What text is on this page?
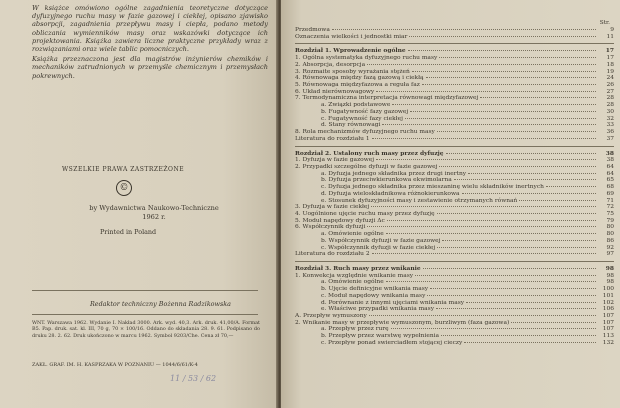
W książce omówiono ogólne zagadnienia teoretyczne dotyczące dyfuzyjnego ruchu masy w fazie gazowej i ciekłej, opisano zjawisko absorpcji, zagadnienia przepływu masy i ciepła, podano metody obliczania wymienników masy oraz wskazówki dotyczące ich projektowania. Książka zawiera liczne praktyczne przykłady wraz z rozwiązaniami oraz wiele tablic pomocniczych.

Książka przeznaczona jest dla magistrów inżynierów chemików i mechaników zatrudnionych w przemyśle chemicznym i przemysłach pokrewnych.

WSZELKIE PRAWA ZASTRZEŻONE
©
by Wydawnictwa Naukowo-Techniczne
1962 r.
Printed in Poland
Redaktor techniczny Bożenna Radzikowska
WNT. Warszawa 1962. Wydanie I. Nakład 3000. Ark. wyd. 40,3. Ark. druk. 41,00/A. Format B5. Pap. druk. sat. kl. III, 70 g, 70 × 100/16. Oddano do składania 28. 9. 61. Podpisano do druku 28. 2. 62. Druk ukończono w marcu 1962. Symbol 9203/Che. Cena zł 70,—
ZAKŁ. GRAF. IM. H. KASPRZAKA W POZNANIU — 1044/6/61/K-4
11 / 53 / 62
Str.
Przedmowa	9
Oznaczenia wielkości i jednostki miar	11
Rozdział 1. Wprowadzenie ogólne	17
1. Ogólna systematyka dyfuzyjnego ruchu masy	17
2. Absorpcja, desorpcja	18
3. Rozmaite sposoby wyrażania stężeń	19
4. Równowaga między fazą gazową i ciekłą	24
5. Równowaga międzyfazowa a reguła faz	26
6. Układ nierównowagowy	27
7. Termodynamiczna interpretacja równowagi międzyfazowej	28
a. Związki podstawowe	28
b. Fugatywność fazy gazowej	30
c. Fugatywność fazy ciekłej	32
d. Stany równowagi	33
8. Rola mechanizmów dyfuzyjnego ruchu masy	36
Literatura do rozdziału 1	37
Rozdział 2. Ustalony ruch masy przez dyfuzję	38
1. Dyfuzja w fazie gazowej	38
2. Przypadki szczególne dyfuzji w fazie gazowej	64
a. Dyfuzja jednego składnika przez drugi inertny	64
b. Dyfuzja przeciwkierunkowa ekwimolarna	65
c. Dyfuzja jednego składnika przez mieszaninę wielu składników inertnych	68
d. Dyfuzja wieloskładnikowa różnokierunkowa	69
e. Stosunek dyfuzyjności masy i zestawienie otrzymanych równań	71
3. Dyfuzja w fazie ciekłej	72
4. Uogólnione ujęcie ruchu masy przez dyfuzję	75
5. Moduł napędowy dyfuzji Δc	79
6. Współczynnik dyfuzji	80
a. Omówienie ogólne	80
b. Współczynnik dyfuzji w fazie gazowej	86
c. Współczynnik dyfuzji w fazie ciekłej	92
Literatura do rozdziału 2	97
Rozdział 3. Ruch masy przez wnikanie	98
1. Konwekcja względnie wnikanie masy	98
a. Omówienie ogólne	98
b. Ujęcie definicyjne wnikania masy	100
c. Moduł napędowy wnikania masy	101
d. Porównanie z innymi ujęciami wnikania masy	102
e. Właściwe przypadki wnikania masy	106
A. Przepływ wymuszony	107
2. Wnikanie masy w przepływie wymuszonym, burzliwym (faza gazowa)	107
a. Przepływ przez rurę	107
b. Przepływ przez warstwę wypełnienia	113
c. Przepływ ponad swierciadłem stojącej cieczy	132
